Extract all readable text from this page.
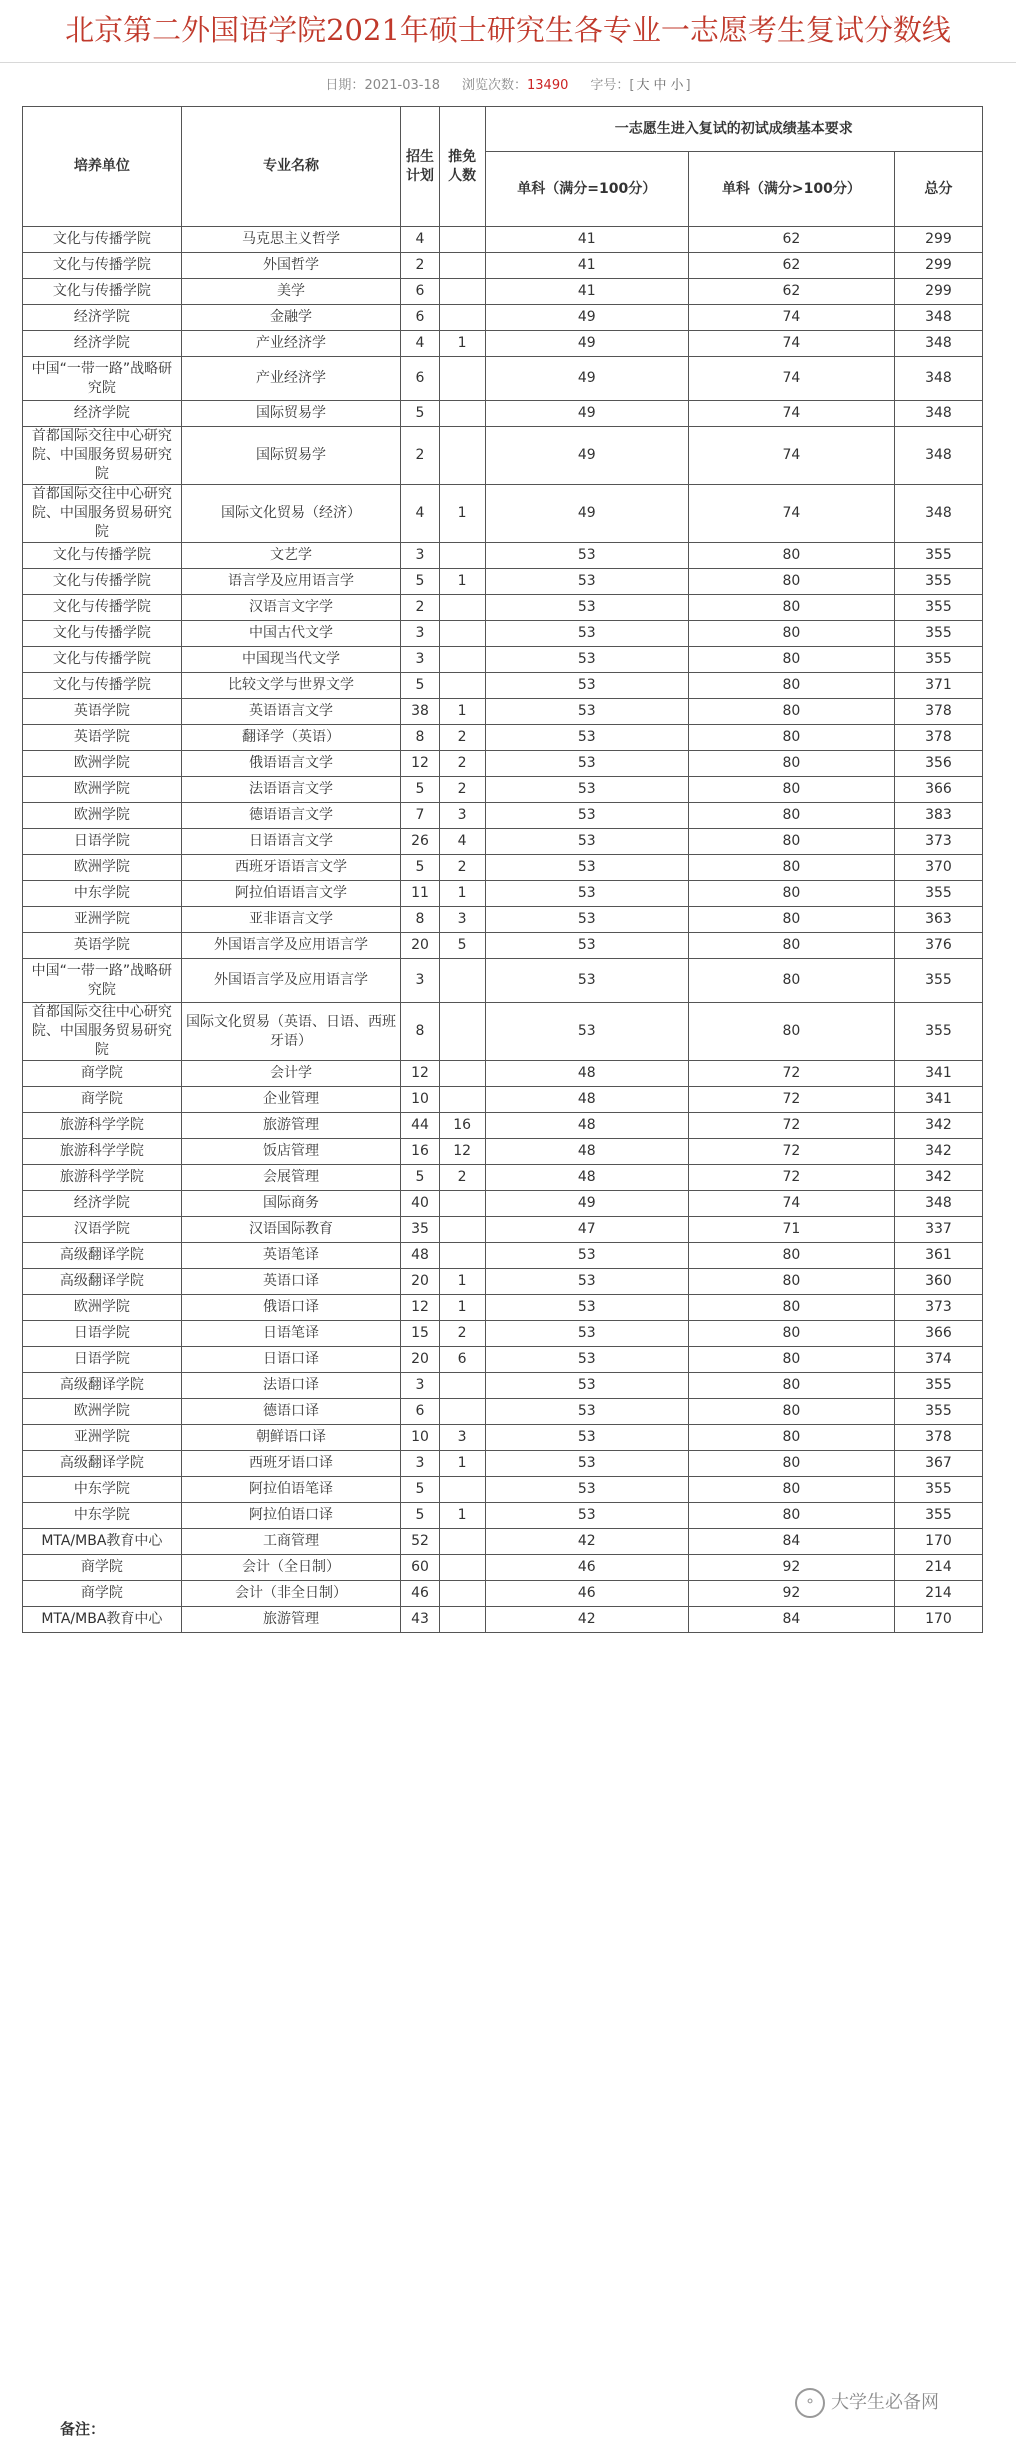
北京第二外国语学院2021年硕士研究生各专业一志愿考生复试分数线
日期：2021-03-18 浏览次数：13490 字号：[ 大 中 小 ]
培养单位	专业名称	招生计划	推免人数	一志愿生进入复试的初试成绩基本要求		
				单科（满分=100分）	单科（满分>100分）	总分
文化与传播学院	马克思主义哲学	4		41	62	299
文化与传播学院	外国哲学	2		41	62	299
文化与传播学院	美学	6		41	62	299
经济学院	金融学	6		49	74	348
经济学院	产业经济学	4	1	49	74	348
中国“一带一路”战略研究院	产业经济学	6		49	74	348
经济学院	国际贸易学	5		49	74	348
首都国际交往中心研究院、中国服务贸易研究院	国际贸易学	2		49	74	348
首都国际交往中心研究院、中国服务贸易研究院	国际文化贸易（经济）	4	1	49	74	348
文化与传播学院	文艺学	3		53	80	355
文化与传播学院	语言学及应用语言学	5	1	53	80	355
文化与传播学院	汉语言文字学	2		53	80	355
文化与传播学院	中国古代文学	3		53	80	355
文化与传播学院	中国现当代文学	3		53	80	355
文化与传播学院	比较文学与世界文学	5		53	80	371
英语学院	英语语言文学	38	1	53	80	378
英语学院	翻译学（英语）	8	2	53	80	378
欧洲学院	俄语语言文学	12	2	53	80	356
欧洲学院	法语语言文学	5	2	53	80	366
欧洲学院	德语语言文学	7	3	53	80	383
日语学院	日语语言文学	26	4	53	80	373
欧洲学院	西班牙语语言文学	5	2	53	80	370
中东学院	阿拉伯语语言文学	11	1	53	80	355
亚洲学院	亚非语言文学	8	3	53	80	363
英语学院	外国语言学及应用语言学	20	5	53	80	376
中国“一带一路”战略研究院	外国语言学及应用语言学	3		53	80	355
首都国际交往中心研究院、中国服务贸易研究院	国际文化贸易（英语、日语、西班牙语）	8		53	80	355
商学院	会计学	12		48	72	341
商学院	企业管理	10		48	72	341
旅游科学学院	旅游管理	44	16	48	72	342
旅游科学学院	饭店管理	16	12	48	72	342
旅游科学学院	会展管理	5	2	48	72	342
经济学院	国际商务	40		49	74	348
汉语学院	汉语国际教育	35		47	71	337
高级翻译学院	英语笔译	48		53	80	361
高级翻译学院	英语口译	20	1	53	80	360
欧洲学院	俄语口译	12	1	53	80	373
日语学院	日语笔译	15	2	53	80	366
日语学院	日语口译	20	6	53	80	374
高级翻译学院	法语口译	3		53	80	355
欧洲学院	德语口译	6		53	80	355
亚洲学院	朝鲜语口译	10	3	53	80	378
高级翻译学院	西班牙语口译	3	1	53	80	367
中东学院	阿拉伯语笔译	5		53	80	355
中东学院	阿拉伯语口译	5	1	53	80	355
MTA/MBA教育中心	工商管理	52		42	84	170
商学院	会计（全日制）	60		46	92	214
商学院	会计（非全日制）	46		46	92	214
MTA/MBA教育中心	旅游管理	43		42	84	170
⚬ 大学生必备网
备注：
